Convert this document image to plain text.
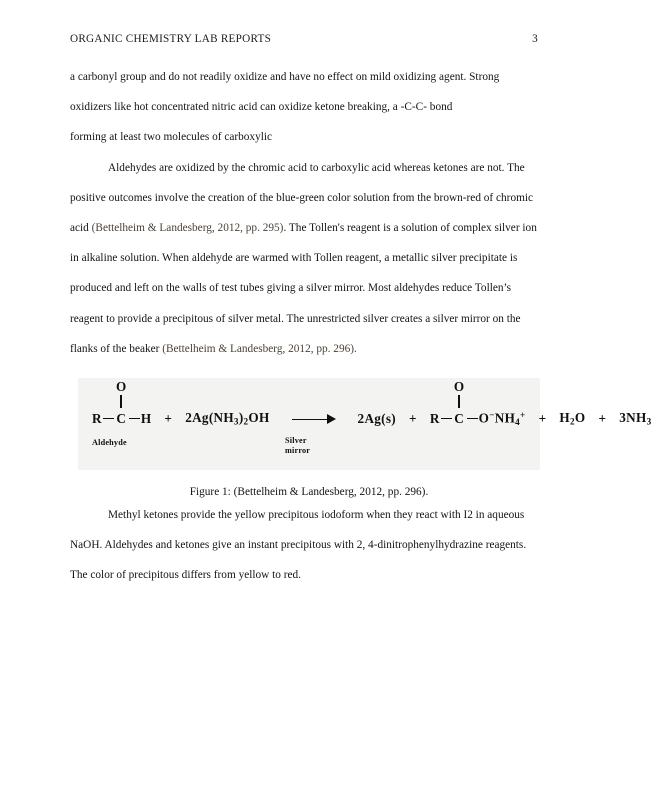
ORGANIC CHEMISTRY LAB REPORTS	3
a carbonyl group and do not readily oxidize and have no effect on mild oxidizing agent. Strong
oxidizers like hot concentrated nitric acid can oxidize ketone breaking, a -C-C- bond
forming at least two molecules of carboxylic

Aldehydes are oxidized by the chromic acid to carboxylic acid whereas ketones are not. The positive outcomes involve the creation of the blue-green color solution from the brown-red of chromic acid (Bettelheim & Landesberg, 2012, pp. 295). The Tollen's reagent is a solution of complex silver ion in alkaline solution. When aldehyde are warmed with Tollen reagent, a metallic silver precipitate is produced and left on the walls of test tubes giving a silver mirror. Most aldehydes reduce Tollen’s reagent to provide a precipitous of silver metal. The unrestricted silver creates a silver mirror on the flanks of the beaker (Bettelheim & Landesberg, 2012, pp. 296).

R
O
C $H + 2Ag(NH_3)_2OH$	2Ag(s) + R
O
C $O^-NH_4^+ + H_2O + 3NH_3$
Aldehyde	Silver
mirror
Figure 1: (Bettelheim & Landesberg, 2012, pp. 296).

Methyl ketones provide the yellow precipitous iodoform when they react with I2 in aqueous NaOH. Aldehydes and ketones give an instant precipitous with 2, 4-dinitrophenylhydrazine reagents. The color of precipitous differs from yellow to red.
